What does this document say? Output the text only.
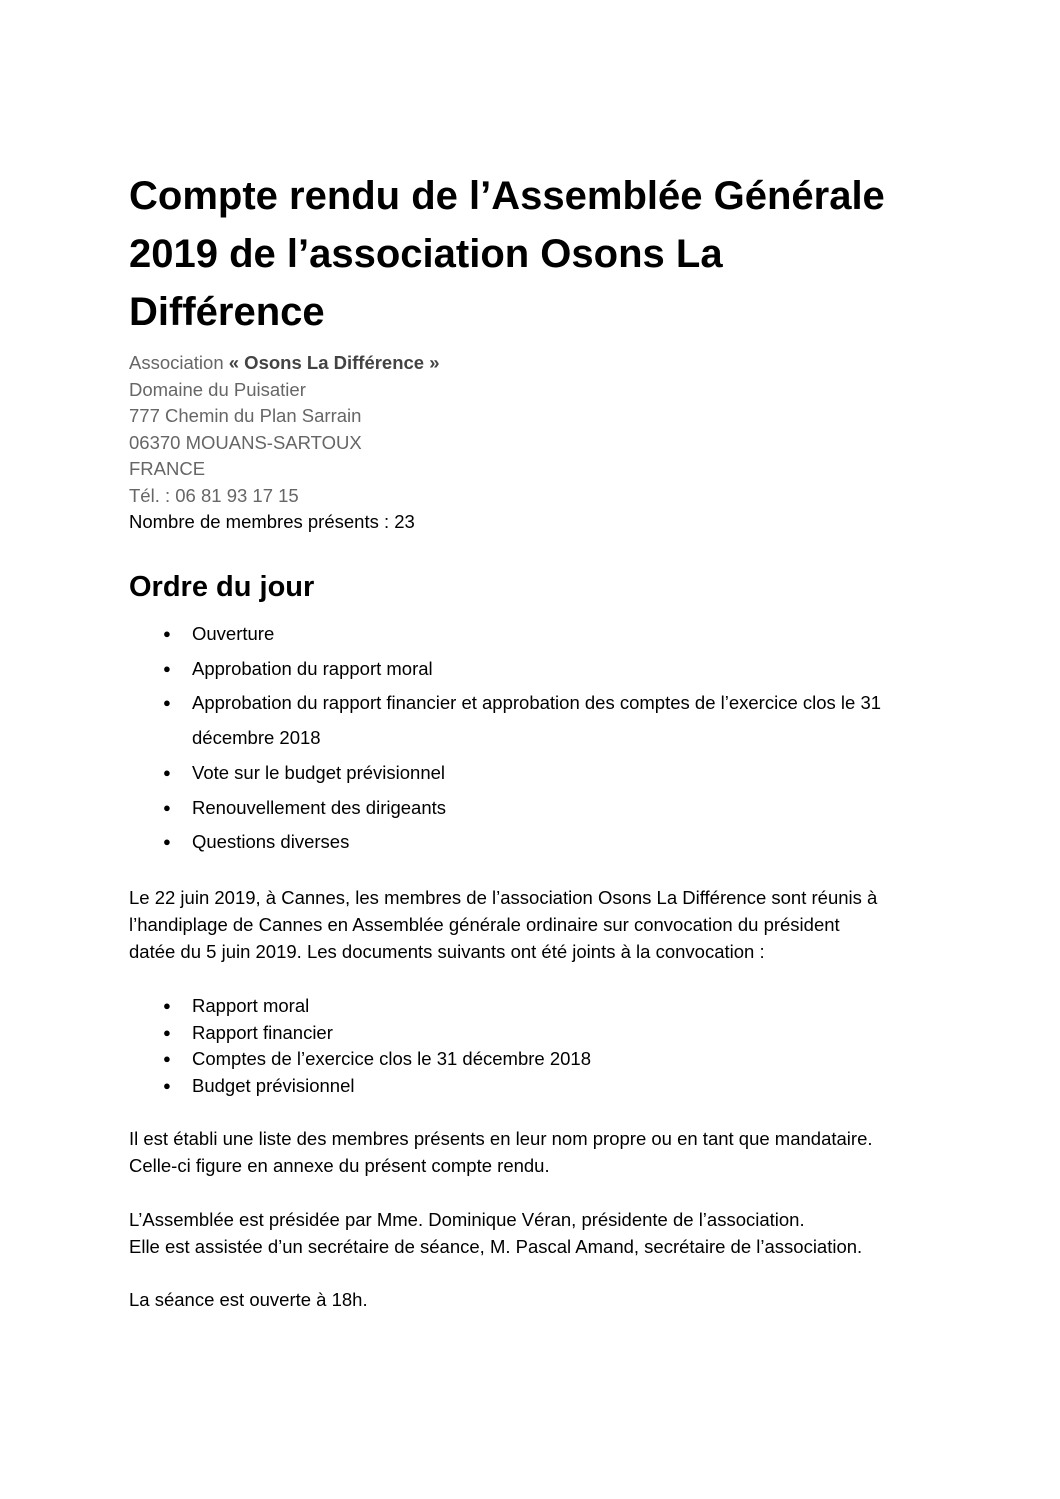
Compte rendu de l’Assemblée Générale
2019 de l’association Osons La
Différence
Association « Osons La Différence »
Domaine du Puisatier
777 Chemin du Plan Sarrain
06370 MOUANS-SARTOUX
FRANCE
Tél. : 06 81 93 17 15
Nombre de membres présents : 23
Ordre du jour
● Ouverture
● Approbation du rapport moral
● Approbation du rapport financier et approbation des comptes de l’exercice clos le 31
décembre 2018
● Vote sur le budget prévisionnel
● Renouvellement des dirigeants
● Questions diverses

Le 22 juin 2019, à Cannes, les membres de l’association Osons La Différence sont réunis à
l’handiplage de Cannes en Assemblée générale ordinaire sur convocation du président
datée du 5 juin 2019. Les documents suivants ont été joints à la convocation :

● Rapport moral
● Rapport financier
● Comptes de l’exercice clos le 31 décembre 2018
● Budget prévisionnel

Il est établi une liste des membres présents en leur nom propre ou en tant que mandataire.
Celle-ci figure en annexe du présent compte rendu.

L’Assemblée est présidée par Mme. Dominique Véran, présidente de l’association.
Elle est assistée d’un secrétaire de séance, M. Pascal Amand, secrétaire de l’association.

La séance est ouverte à 18h.
